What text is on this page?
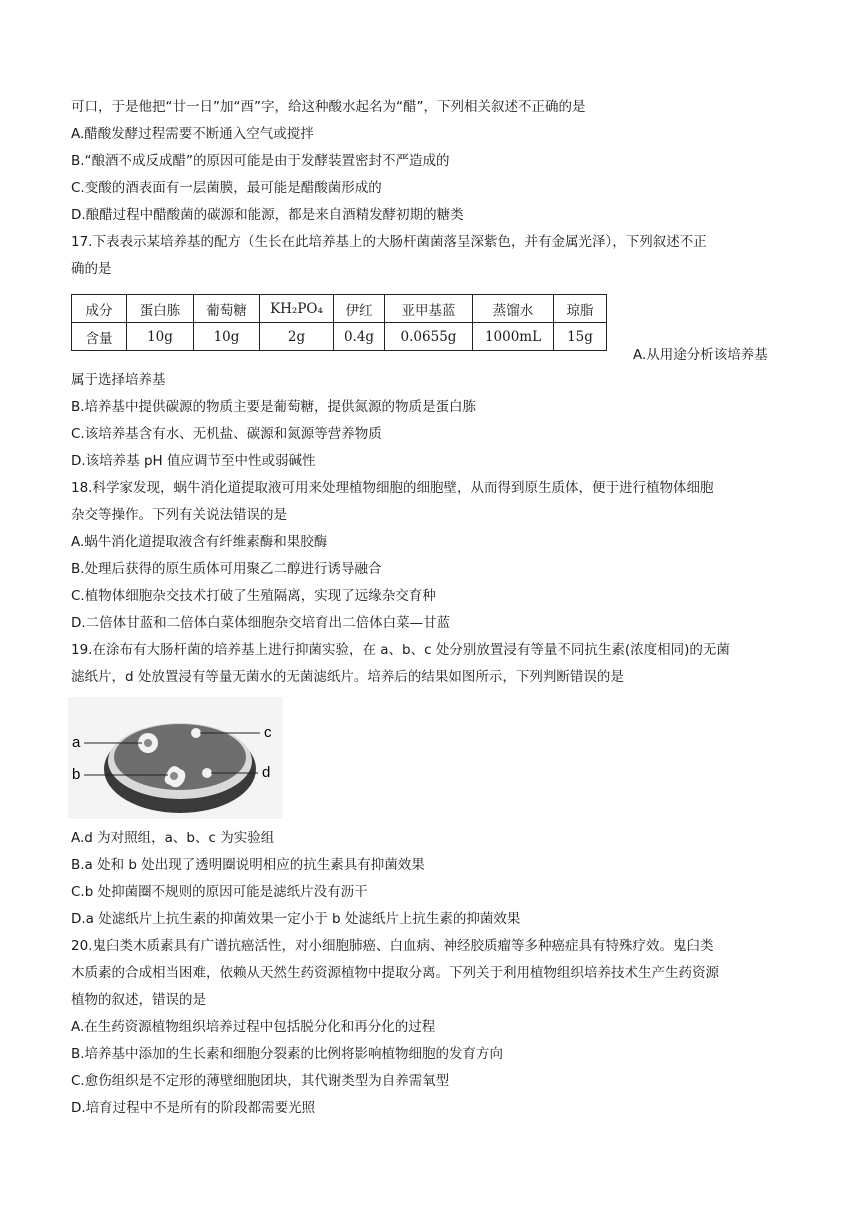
可口，于是他把“廿一日”加“酉”字，给这种酸水起名为“醋”，下列相关叙述不正确的是
A.醋酸发酵过程需要不断通入空气或搅拌
B.“酿酒不成反成醋”的原因可能是由于发酵装置密封不严造成的
C.变酸的酒表面有一层菌膜，最可能是醋酸菌形成的
D.酿醋过程中醋酸菌的碳源和能源，都是来自酒精发酵初期的糖类
17.下表表示某培养基的配方（生长在此培养基上的大肠杆菌菌落呈深紫色，并有金属光泽），下列叙述不正
确的是
成分	蛋白胨	葡萄糖	KH₂PO₄	伊红	亚甲基蓝	蒸馏水	琼脂
含量	10g	10g	2g	0.4g	0.0655g	1000mL	15g
A.从用途分析该培养基
属于选择培养基
B.培养基中提供碳源的物质主要是葡萄糖，提供氮源的物质是蛋白胨
C.该培养基含有水、无机盐、碳源和氮源等营养物质
D.该培养基 pH 值应调节至中性或弱碱性
18.科学家发现，蜗牛消化道提取液可用来处理植物细胞的细胞壁，从而得到原生质体，便于进行植物体细胞
杂交等操作。下列有关说法错误的是
A.蜗牛消化道提取液含有纤维素酶和果胶酶
B.处理后获得的原生质体可用聚乙二醇进行诱导融合
C.植物体细胞杂交技术打破了生殖隔离，实现了远缘杂交育种
D.二倍体甘蓝和二倍体白菜体细胞杂交培育出二倍体白菜—甘蓝
19.在涂布有大肠杆菌的培养基上进行抑菌实验，在 a、b、c 处分别放置浸有等量不同抗生素(浓度相同)的无菌
滤纸片，d 处放置浸有等量无菌水的无菌滤纸片。培养后的结果如图所示，下列判断错误的是
a
b
c
d
A.d 为对照组，a、b、c 为实验组
B.a 处和 b 处出现了透明圈说明相应的抗生素具有抑菌效果
C.b 处抑菌圈不规则的原因可能是滤纸片没有沥干
D.a 处滤纸片上抗生素的抑菌效果一定小于 b 处滤纸片上抗生素的抑菌效果
20.鬼臼类木质素具有广谱抗癌活性，对小细胞肺癌、白血病、神经胶质瘤等多种癌症具有特殊疗效。鬼臼类
木质素的合成相当困难，依赖从天然生药资源植物中提取分离。下列关于利用植物组织培养技术生产生药资源
植物的叙述，错误的是
A.在生药资源植物组织培养过程中包括脱分化和再分化的过程
B.培养基中添加的生长素和细胞分裂素的比例将影响植物细胞的发育方向
C.愈伤组织是不定形的薄壁细胞团块，其代谢类型为自养需氧型
D.培育过程中不是所有的阶段都需要光照
